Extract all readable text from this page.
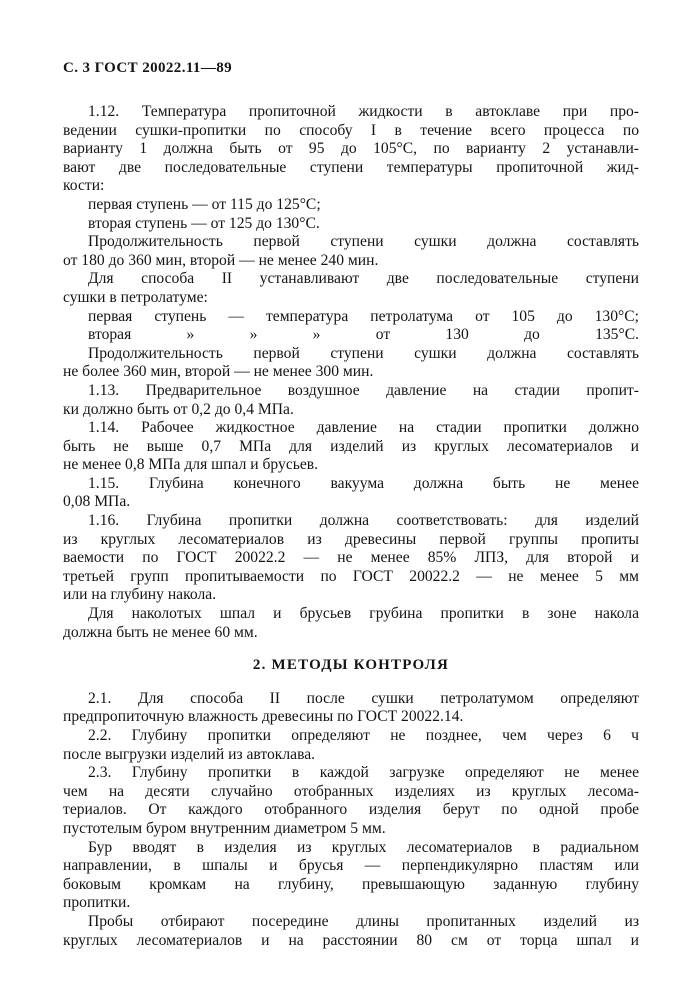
С. 3 ГОСТ 20022.11—89
1.12. Температура пропиточной жидкости в автоклаве при про-
ведении сушки-пропитки по способу I в течение всего процесса по
варианту 1 должна быть от 95 до 105°С, по варианту 2 устанавли-
вают две последовательные ступени температуры пропиточной жид-
кости:
первая ступень — от 115 до 125°С;
вторая ступень — от 125 до 130°С.
Продолжительность первой ступени сушки должна составлять
от 180 до 360 мин, второй — не менее 240 мин.
Для способа II устанавливают две последовательные ступени
сушки в петролатуме:
первая ступень — температура петролатума от 105 до 130°С;
вторая » » » от 130 до 135°С.
Продолжительность первой ступени сушки должна составлять
не более 360 мин, второй — не менее 300 мин.
1.13. Предварительное воздушное давление на стадии пропит-
ки должно быть от 0,2 до 0,4 МПа.
1.14. Рабочее жидкостное давление на стадии пропитки должно
быть не выше 0,7 МПа для изделий из круглых лесоматериалов и
не менее 0,8 МПа для шпал и брусьев.
1.15. Глубина конечного вакуума должна быть не менее
0,08 МПа.
1.16. Глубина пропитки должна соответствовать: для изделий
из круглых лесоматериалов из древесины первой группы пропиты
ваемости по ГОСТ 20022.2 — не менее 85% ЛПЗ, для второй и
третьей групп пропитываемости по ГОСТ 20022.2 — не менее 5 мм
или на глубину накола.
Для наколотых шпал и брусьев грубина пропитки в зоне накола
должна быть не менее 60 мм.
2. МЕТОДЫ КОНТРОЛЯ
2.1. Для способа II после сушки петролатумом определяют
предпропиточную влажность древесины по ГОСТ 20022.14.
2.2. Глубину пропитки определяют не позднее, чем через 6 ч
после выгрузки изделий из автоклава.
2.3. Глубину пропитки в каждой загрузке определяют не менее
чем на десяти случайно отобранных изделиях из круглых лесома-
териалов. От каждого отобранного изделия берут по одной пробе
пустотелым буром внутренним диаметром 5 мм.
Бур вводят в изделия из круглых лесоматериалов в радиальном
направлении, в шпалы и брусья — перпендикулярно пластям или
боковым кромкам на глубину, превышающую заданную глубину
пропитки.
Пробы отбирают посередине длины пропитанных изделий из
круглых лесоматериалов и на расстоянии 80 см от торца шпал и
